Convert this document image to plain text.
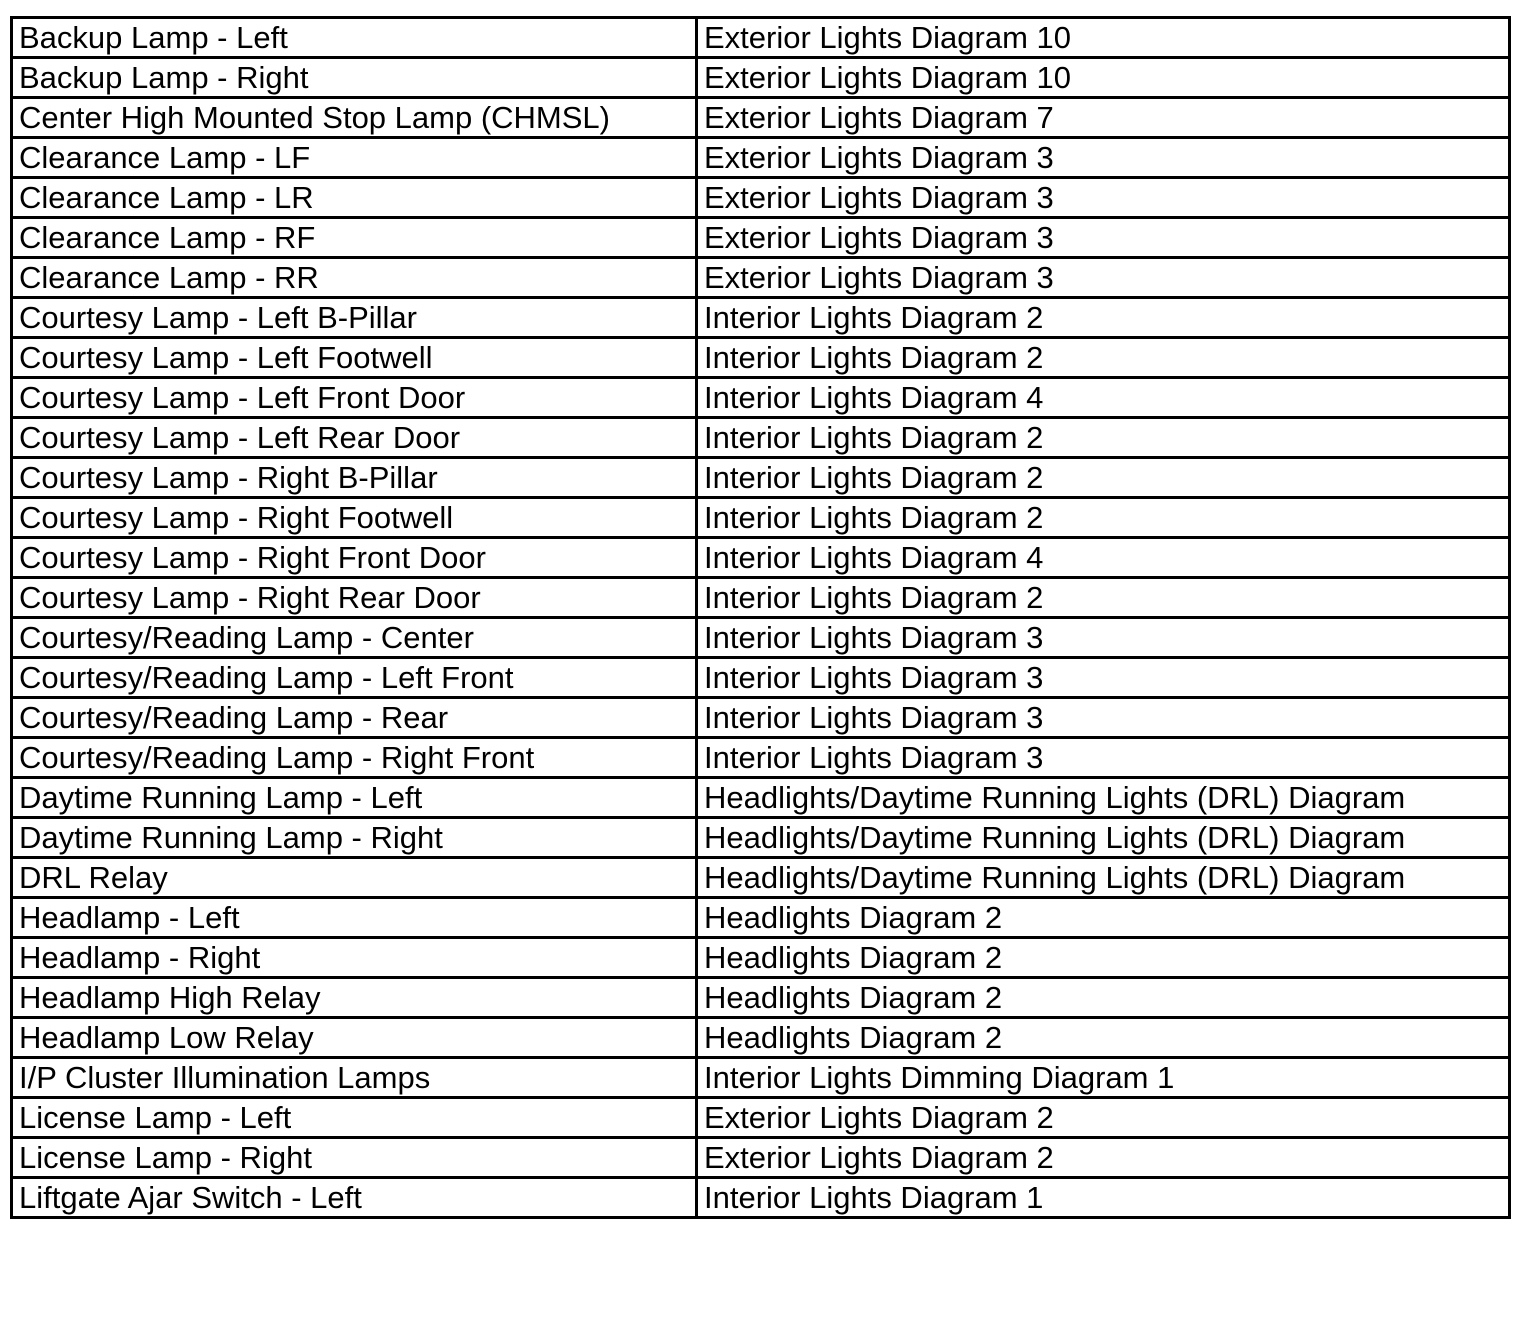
Backup Lamp - Left	Exterior Lights Diagram 10
Backup Lamp - Right	Exterior Lights Diagram 10
Center High Mounted Stop Lamp (CHMSL)	Exterior Lights Diagram 7
Clearance Lamp - LF	Exterior Lights Diagram 3
Clearance Lamp - LR	Exterior Lights Diagram 3
Clearance Lamp - RF	Exterior Lights Diagram 3
Clearance Lamp - RR	Exterior Lights Diagram 3
Courtesy Lamp - Left B-Pillar	Interior Lights Diagram 2
Courtesy Lamp - Left Footwell	Interior Lights Diagram 2
Courtesy Lamp - Left Front Door	Interior Lights Diagram 4
Courtesy Lamp - Left Rear Door	Interior Lights Diagram 2
Courtesy Lamp - Right B-Pillar	Interior Lights Diagram 2
Courtesy Lamp - Right Footwell	Interior Lights Diagram 2
Courtesy Lamp - Right Front Door	Interior Lights Diagram 4
Courtesy Lamp - Right Rear Door	Interior Lights Diagram 2
Courtesy/Reading Lamp - Center	Interior Lights Diagram 3
Courtesy/Reading Lamp - Left Front	Interior Lights Diagram 3
Courtesy/Reading Lamp - Rear	Interior Lights Diagram 3
Courtesy/Reading Lamp - Right Front	Interior Lights Diagram 3
Daytime Running Lamp - Left	Headlights/Daytime Running Lights (DRL) Diagram
Daytime Running Lamp - Right	Headlights/Daytime Running Lights (DRL) Diagram
DRL Relay	Headlights/Daytime Running Lights (DRL) Diagram
Headlamp - Left	Headlights Diagram 2
Headlamp - Right	Headlights Diagram 2
Headlamp High Relay	Headlights Diagram 2
Headlamp Low Relay	Headlights Diagram 2
I/P Cluster Illumination Lamps	Interior Lights Dimming Diagram 1
License Lamp - Left	Exterior Lights Diagram 2
License Lamp - Right	Exterior Lights Diagram 2
Liftgate Ajar Switch - Left	Interior Lights Diagram 1
